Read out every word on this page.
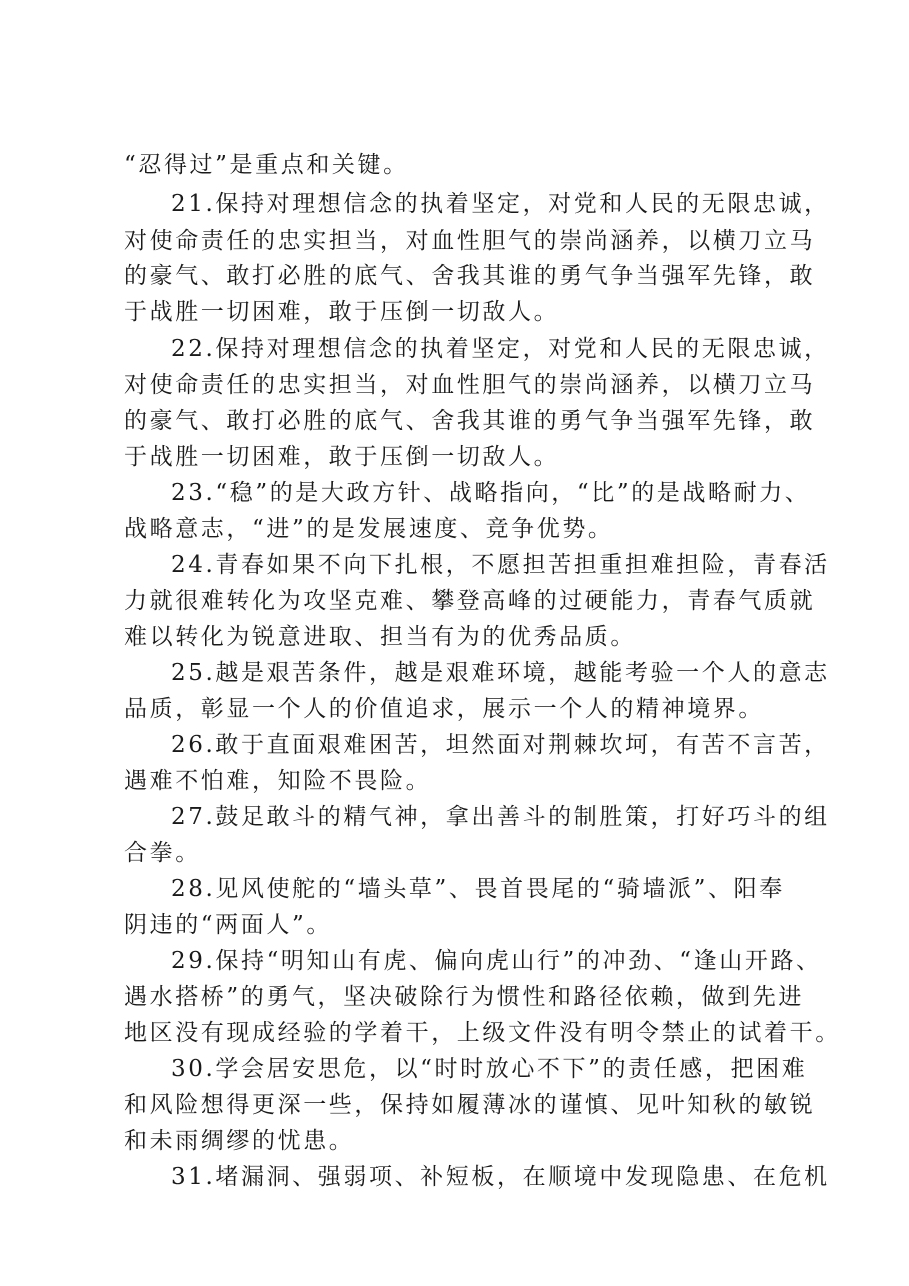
“忍得过”是重点和关键。
21.保持对理想信念的执着坚定，对党和人民的无限忠诚，
对使命责任的忠实担当，对血性胆气的崇尚涵养，以横刀立马
的豪气、敢打必胜的底气、舍我其谁的勇气争当强军先锋，敢
于战胜一切困难，敢于压倒一切敌人。
22.保持对理想信念的执着坚定，对党和人民的无限忠诚，
对使命责任的忠实担当，对血性胆气的崇尚涵养，以横刀立马
的豪气、敢打必胜的底气、舍我其谁的勇气争当强军先锋，敢
于战胜一切困难，敢于压倒一切敌人。
23.“稳”的是大政方针、战略指向，“比”的是战略耐力、
战略意志，“进”的是发展速度、竞争优势。
24.青春如果不向下扎根，不愿担苦担重担难担险，青春活
力就很难转化为攻坚克难、攀登高峰的过硬能力，青春气质就
难以转化为锐意进取、担当有为的优秀品质。
25.越是艰苦条件，越是艰难环境，越能考验一个人的意志
品质，彰显一个人的价值追求，展示一个人的精神境界。
26.敢于直面艰难困苦，坦然面对荆棘坎坷，有苦不言苦，
遇难不怕难，知险不畏险。
27.鼓足敢斗的精气神，拿出善斗的制胜策，打好巧斗的组
合拳。
28.见风使舵的“墙头草”、畏首畏尾的“骑墙派”、阳奉
阴违的“两面人”。
29.保持“明知山有虎、偏向虎山行”的冲劲、“逢山开路、
遇水搭桥”的勇气，坚决破除行为惯性和路径依赖，做到先进
地区没有现成经验的学着干，上级文件没有明令禁止的试着干。
30.学会居安思危，以“时时放心不下”的责任感，把困难
和风险想得更深一些，保持如履薄冰的谨慎、见叶知秋的敏锐
和未雨绸缪的忧患。
31.堵漏洞、强弱项、补短板，在顺境中发现隐患、在危机
